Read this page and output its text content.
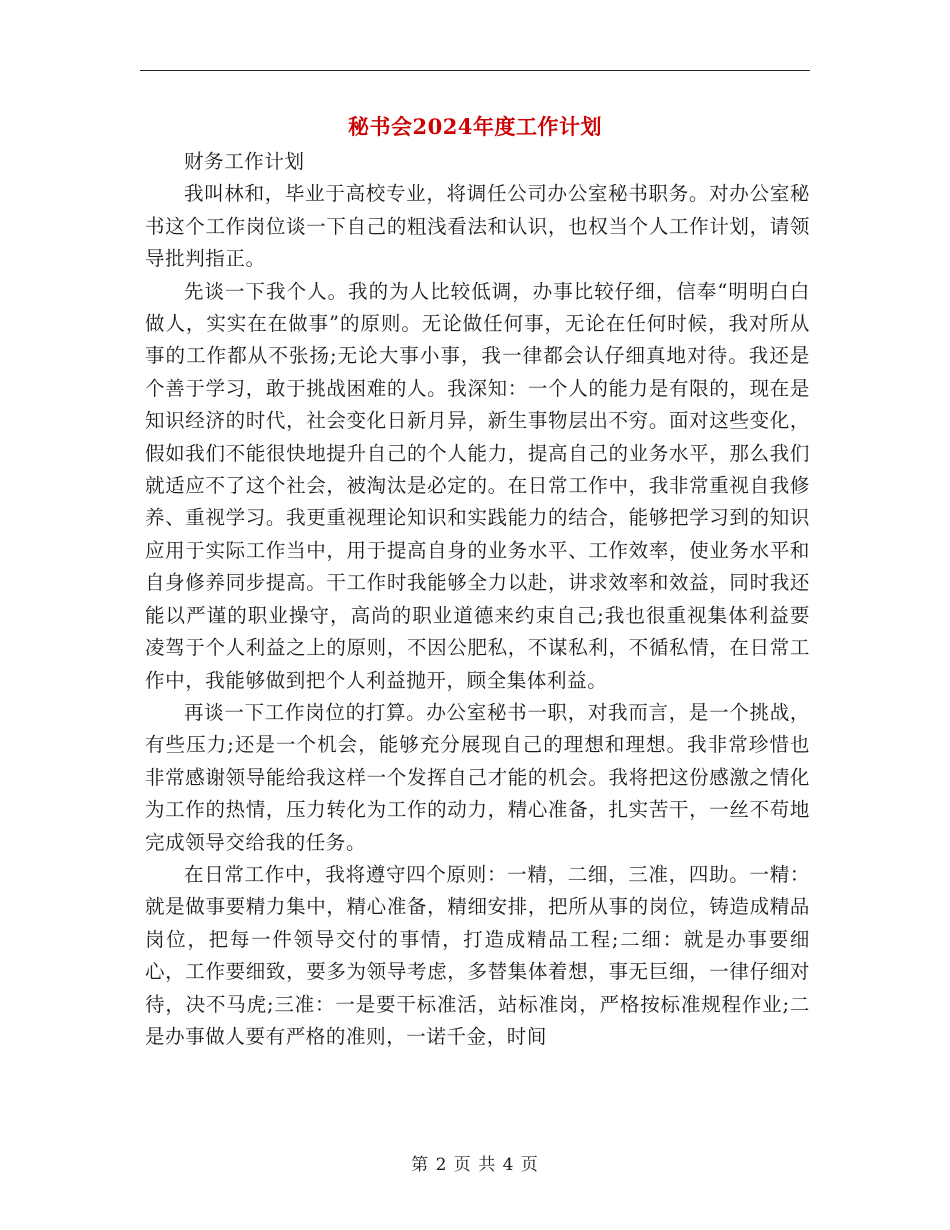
秘书会2024年度工作计划

财务工作计划

我叫林和，毕业于高校专业，将调任公司办公室秘书职务。对办公室秘书这个工作岗位谈一下自己的粗浅看法和认识，也权当个人工作计划，请领导批判指正。

先谈一下我个人。我的为人比较低调，办事比较仔细，信奉“明明白白做人，实实在在做事”的原则。无论做任何事，无论在任何时候，我对所从事的工作都从不张扬;无论大事小事，我一律都会认仔细真地对待。我还是个善于学习，敢于挑战困难的人。我深知：一个人的能力是有限的，现在是知识经济的时代，社会变化日新月异，新生事物层出不穷。面对这些变化，假如我们不能很快地提升自己的个人能力，提高自己的业务水平，那么我们就适应不了这个社会，被淘汰是必定的。在日常工作中，我非常重视自我修养、重视学习。我更重视理论知识和实践能力的结合，能够把学习到的知识应用于实际工作当中，用于提高自身的业务水平、工作效率，使业务水平和自身修养同步提高。干工作时我能够全力以赴，讲求效率和效益，同时我还能以严谨的职业操守，高尚的职业道德来约束自己;我也很重视集体利益要凌驾于个人利益之上的原则，不因公肥私，不谋私利，不循私情，在日常工作中，我能够做到把个人利益抛开，顾全集体利益。

再谈一下工作岗位的打算。办公室秘书一职，对我而言，是一个挑战，有些压力;还是一个机会，能够充分展现自己的理想和理想。我非常珍惜也非常感谢领导能给我这样一个发挥自己才能的机会。我将把这份感激之情化为工作的热情，压力转化为工作的动力，精心准备，扎实苦干，一丝不苟地完成领导交给我的任务。

在日常工作中，我将遵守四个原则：一精，二细，三准，四助。一精：就是做事要精力集中，精心准备，精细安排，把所从事的岗位，铸造成精品岗位，把每一件领导交付的事情，打造成精品工程;二细：就是办事要细心，工作要细致，要多为领导考虑，多替集体着想，事无巨细，一律仔细对待，决不马虎;三准：一是要干标准活，站标准岗，严格按标准规程作业;二是办事做人要有严格的准则，一诺千金，时间

第 2 页 共 4 页
